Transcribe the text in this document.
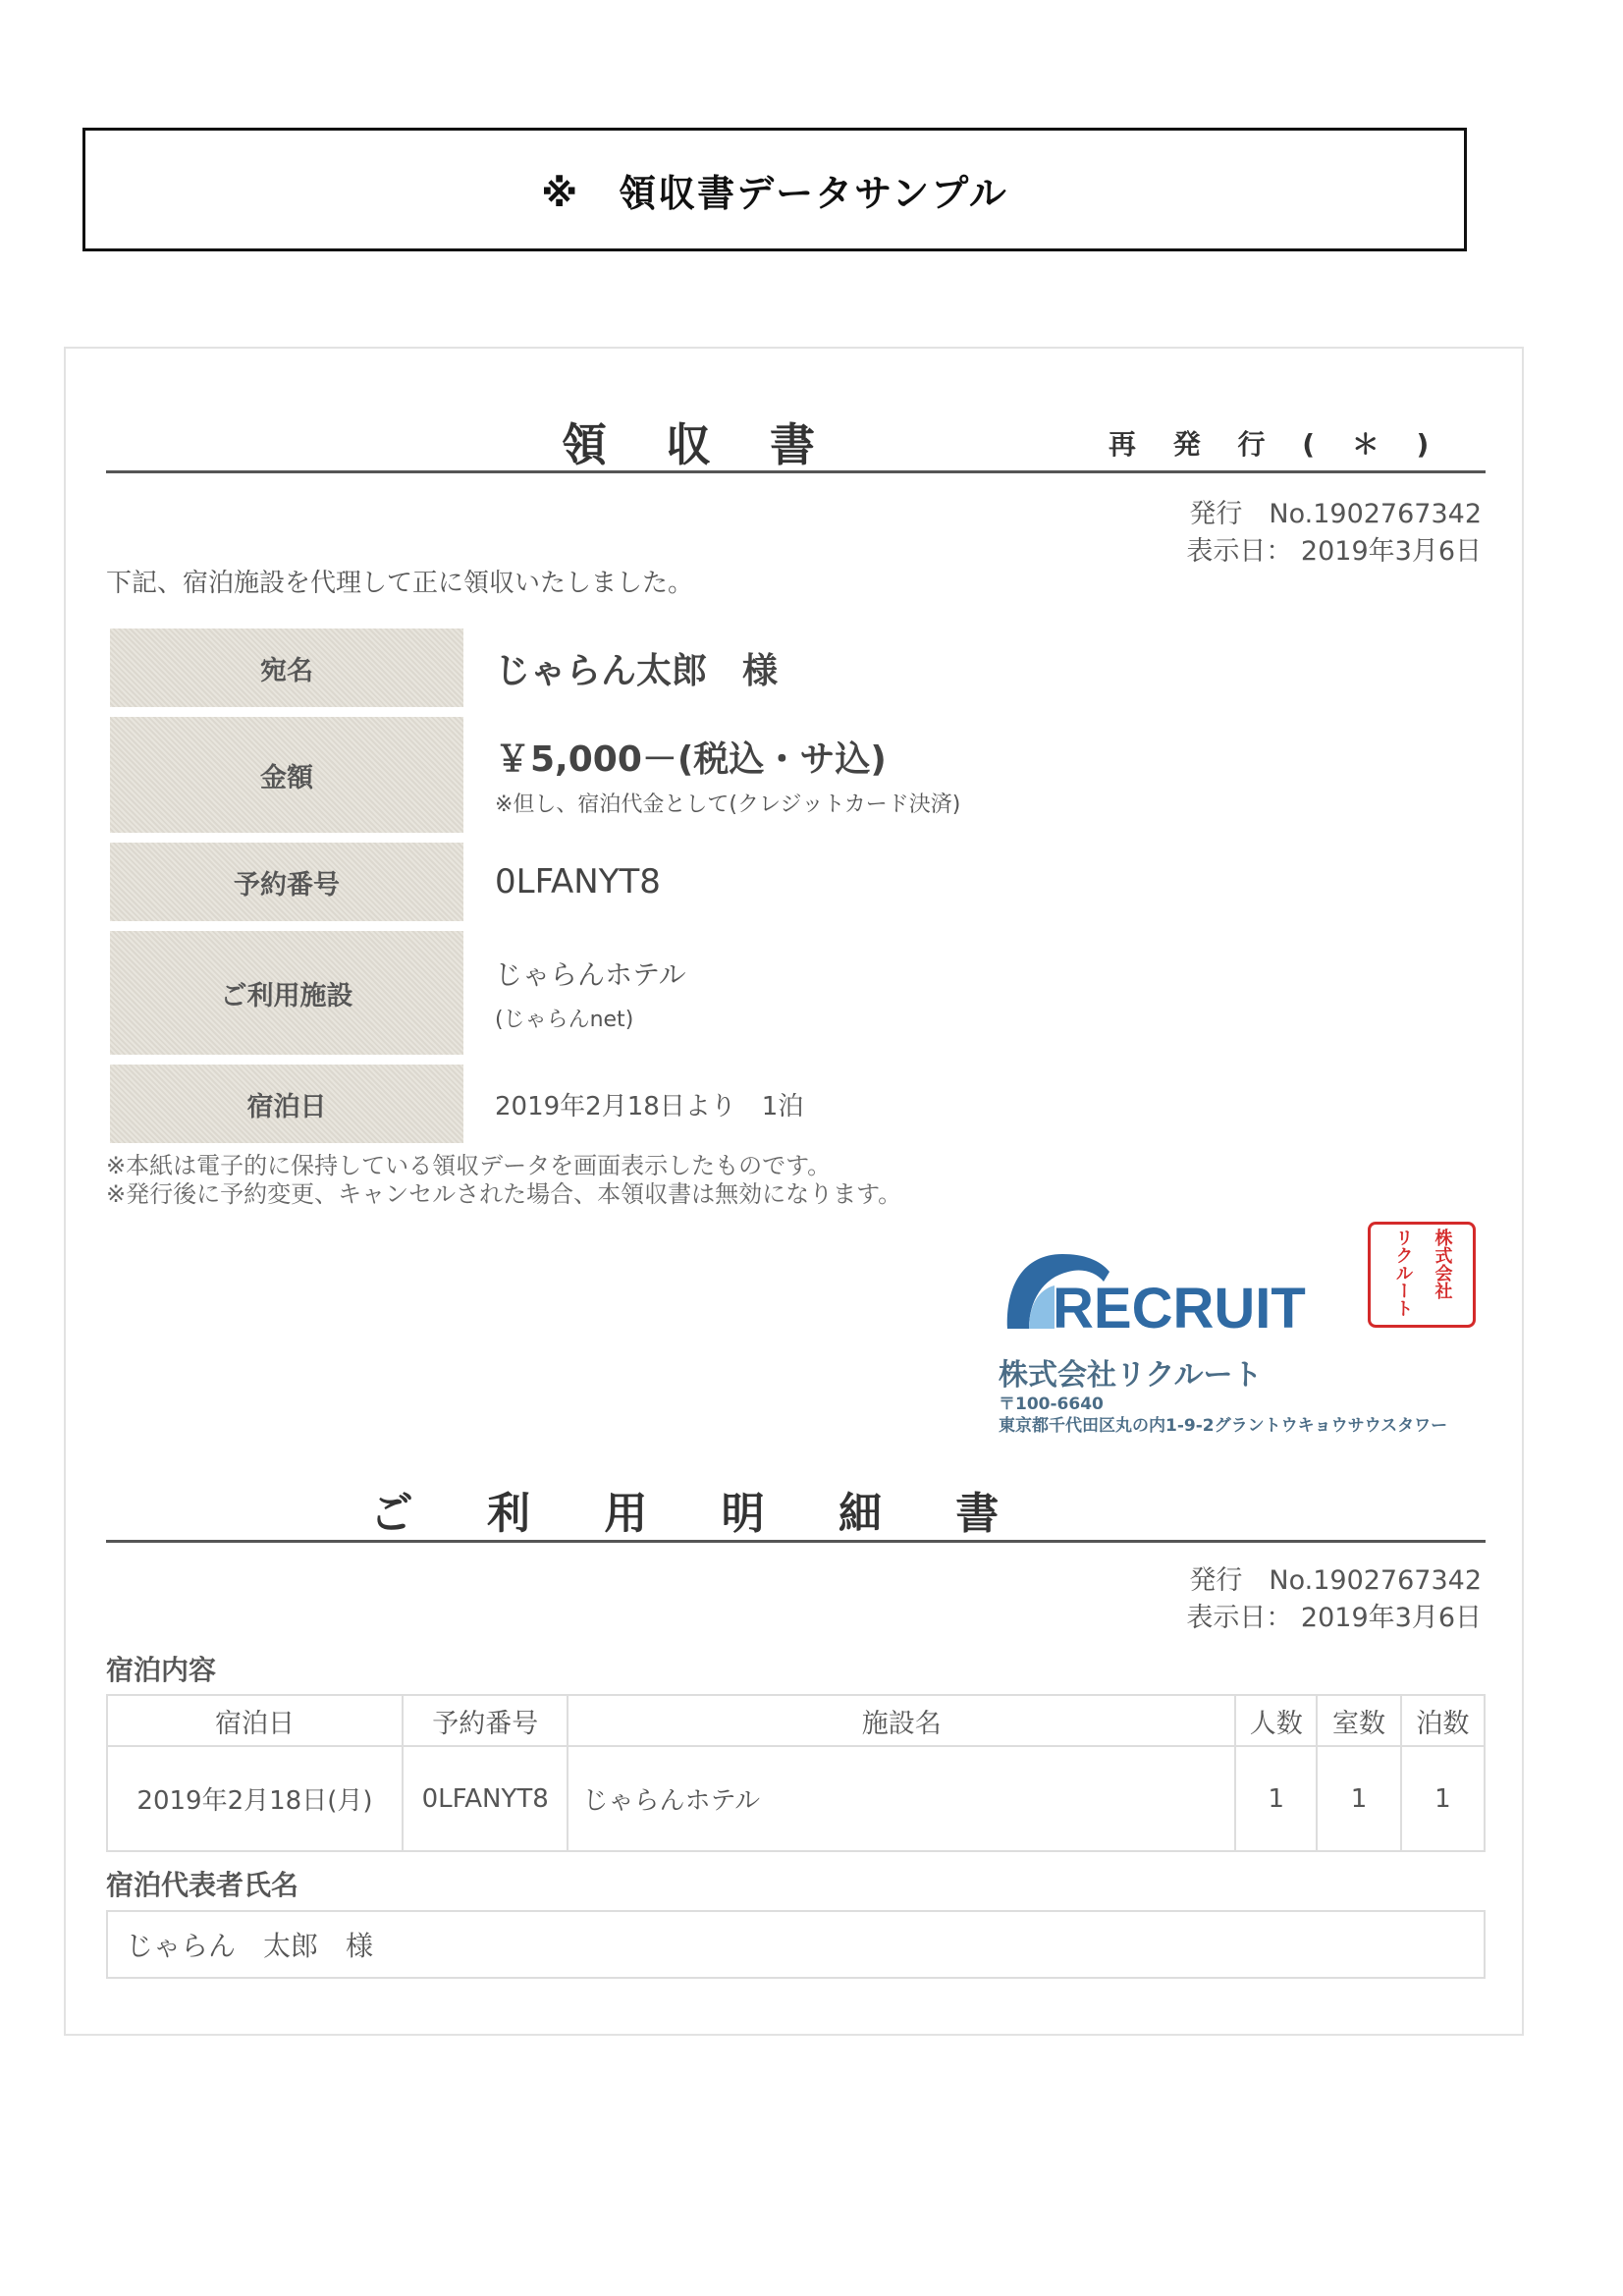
※　領収書データサンプル
領 収 書	再 発 行 ( ＊ )
発行　No.1902767342
表示日： 2019年3月6日
下記、宿泊施設を代理して正に領収いたしました。
宛名	じゃらん太郎　様

金額	￥5,000－(税込・サ込)
※但し、宿泊代金として(クレジットカード決済)

予約番号	0LFANYT8

ご利用施設	じゃらんホテル
(じゃらんnet)

宿泊日	2019年2月18日より　1泊
※本紙は電子的に保持している領収データを画面表示したものです。
※発行後に予約変更、キャンセルされた場合、本領収書は無効になります。
RECRUIT
株式会社リクルート
〒100-6640
東京都千代田区丸の内1-9-2グラントウキョウサウスタワー
株式会社
リクルート
ご 利 用 明 細 書
発行　No.1902767342
表示日： 2019年3月6日
宿泊内容
宿泊日	予約番号	施設名	人数	室数	泊数
2019年2月18日(月)	0LFANYT8	じゃらんホテル	1	1	1
宿泊代表者氏名
じゃらん　太郎　様
